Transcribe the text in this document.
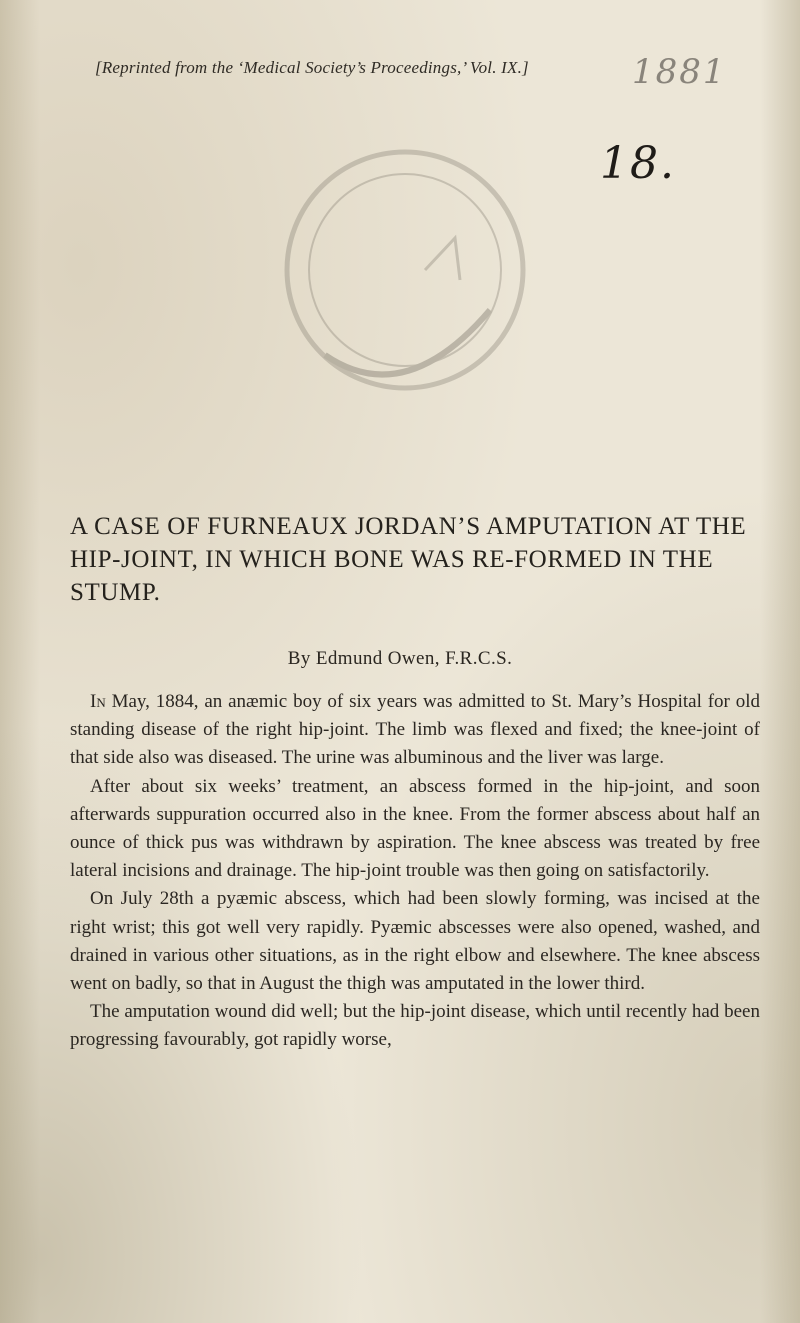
[Reprinted from the ‘Medical Society’s Proceedings,’ Vol. IX.]	1881
18.
A CASE OF FURNEAUX JORDAN’S AMPUTATION AT THE HIP-JOINT, IN WHICH BONE WAS RE-FORMED IN THE STUMP.
By Edmund Owen, F.R.C.S.

In May, 1884, an anæmic boy of six years was admitted to St. Mary’s Hospital for old standing disease of the right hip-joint. The limb was flexed and fixed; the knee-joint of that side also was diseased. The urine was albuminous and the liver was large.

After about six weeks’ treatment, an abscess formed in the hip-joint, and soon afterwards suppuration occurred also in the knee. From the former abscess about half an ounce of thick pus was withdrawn by aspiration. The knee abscess was treated by free lateral incisions and drainage. The hip-joint trouble was then going on satisfactorily.

On July 28th a pyæmic abscess, which had been slowly forming, was incised at the right wrist; this got well very rapidly. Pyæmic abscesses were also opened, washed, and drained in various other situations, as in the right elbow and elsewhere. The knee abscess went on badly, so that in August the thigh was amputated in the lower third.

The amputation wound did well; but the hip-joint disease, which until recently had been progressing favourably, got rapidly worse,
